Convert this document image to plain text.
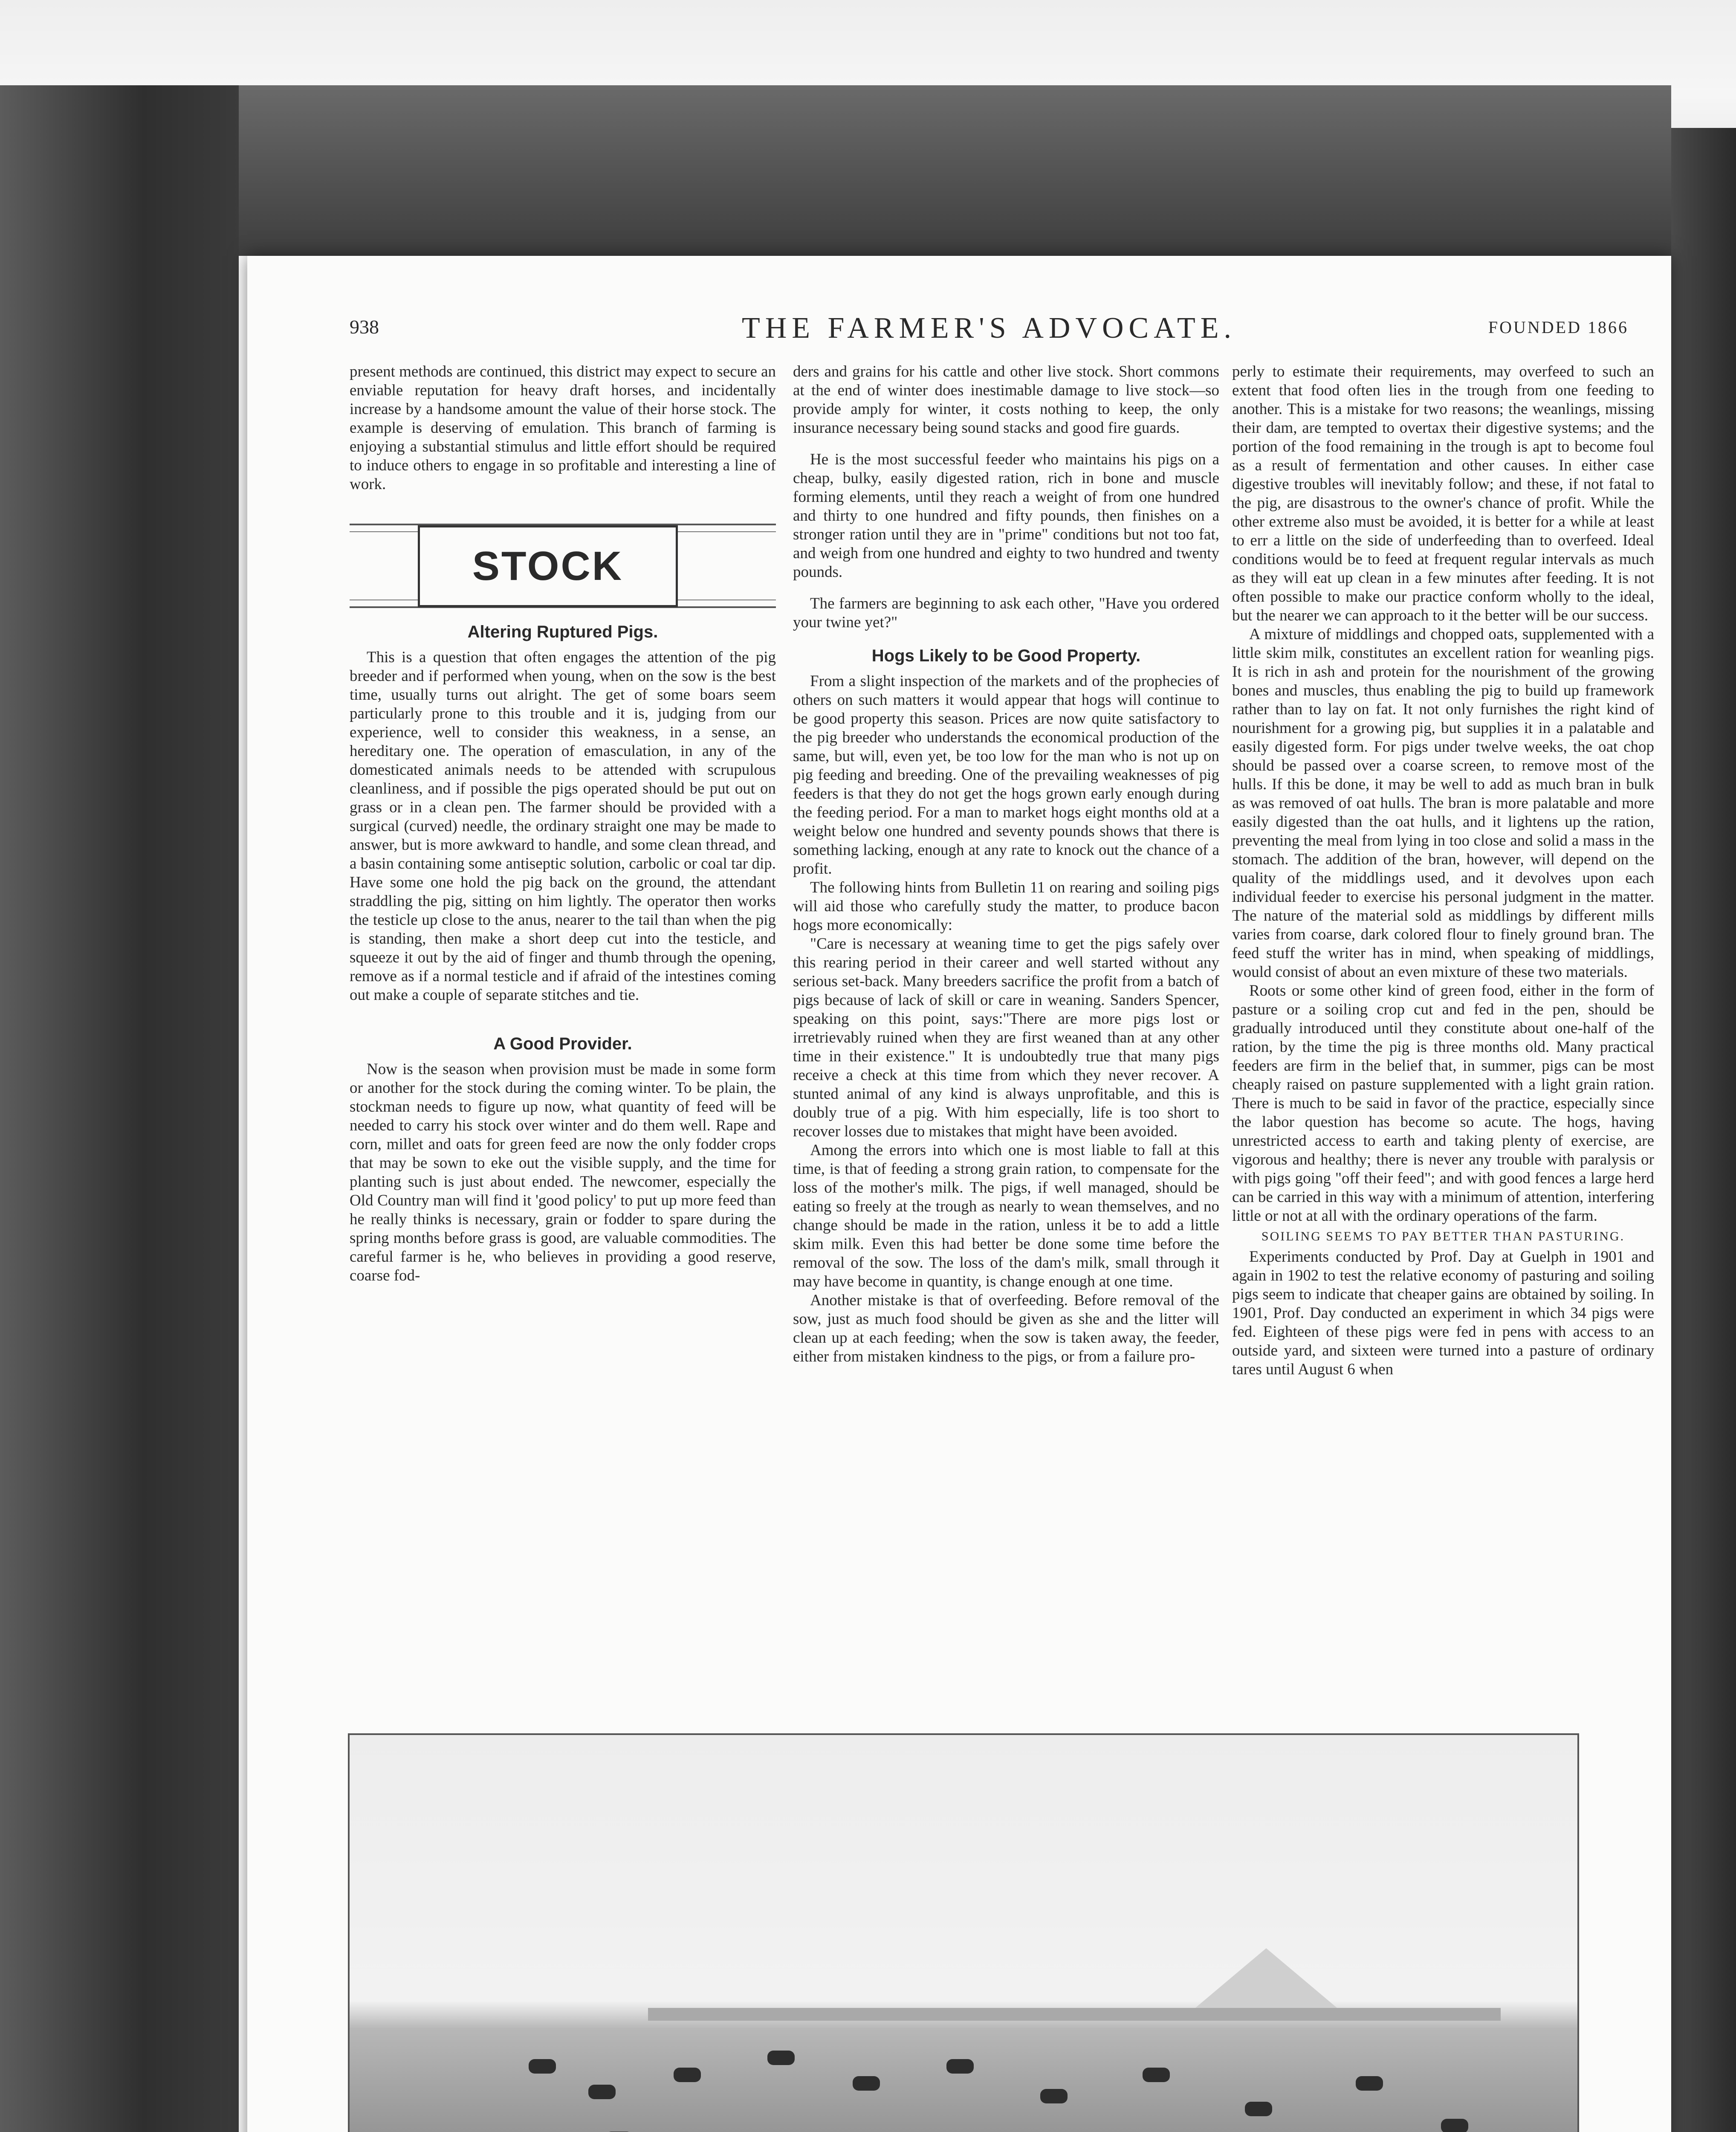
THE FARMER'S ADVOCATE.
938	FOUNDED 1866

present methods are continued, this district may expect to secure an enviable reputation for heavy draft horses, and incidentally increase by a handsome amount the value of their horse stock. The example is deserving of emulation. This branch of farming is enjoying a substantial stimulus and little effort should be required to induce others to engage in so profitable and interesting a line of work.

STOCK
Altering Ruptured Pigs.

This is a question that often engages the attention of the pig breeder and if performed when young, when on the sow is the best time, usually turns out alright. The get of some boars seem particularly prone to this trouble and it is, judging from our experience, well to consider this weakness, in a sense, an hereditary one. The operation of emasculation, in any of the domesticated animals needs to be attended with scrupulous cleanliness, and if possible the pigs operated should be put out on grass or in a clean pen. The farmer should be provided with a surgical (curved) needle, the ordinary straight one may be made to answer, but is more awkward to handle, and some clean thread, and a basin containing some antiseptic solution, carbolic or coal tar dip. Have some one hold the pig back on the ground, the attendant straddling the pig, sitting on him lightly. The operator then works the testicle up close to the anus, nearer to the tail than when the pig is standing, then make a short deep cut into the testicle, and squeeze it out by the aid of finger and thumb through the opening, remove as if a normal testicle and if afraid of the intestines coming out make a couple of separate stitches and tie.

A Good Provider.

Now is the season when provision must be made in some form or another for the stock during the coming winter. To be plain, the stockman needs to figure up now, what quantity of feed will be needed to carry his stock over winter and do them well. Rape and corn, millet and oats for green feed are now the only fodder crops that may be sown to eke out the visible supply, and the time for planting such is just about ended. The newcomer, especially the Old Country man will find it 'good policy' to put up more feed than he really thinks is necessary, grain or fodder to spare during the spring months before grass is good, are valuable commodities. The careful farmer is he, who believes in providing a good reserve, coarse fod-

ders and grains for his cattle and other live stock. Short commons at the end of winter does inestimable damage to live stock—so provide amply for winter, it costs nothing to keep, the only insurance necessary being sound stacks and good fire guards.

He is the most successful feeder who maintains his pigs on a cheap, bulky, easily digested ration, rich in bone and muscle forming elements, until they reach a weight of from one hundred and thirty to one hundred and fifty pounds, then finishes on a stronger ration until they are in "prime" conditions but not too fat, and weigh from one hundred and eighty to two hundred and twenty pounds.

The farmers are beginning to ask each other, "Have you ordered your twine yet?"

Hogs Likely to be Good Property.

From a slight inspection of the markets and of the prophecies of others on such matters it would appear that hogs will continue to be good property this season. Prices are now quite satisfactory to the pig breeder who understands the economical production of the same, but will, even yet, be too low for the man who is not up on pig feeding and breeding. One of the prevailing weaknesses of pig feeders is that they do not get the hogs grown early enough during the feeding period. For a man to market hogs eight months old at a weight below one hundred and seventy pounds shows that there is something lacking, enough at any rate to knock out the chance of a profit.

The following hints from Bulletin 11 on rearing and soiling pigs will aid those who carefully study the matter, to produce bacon hogs more economically:

"Care is necessary at weaning time to get the pigs safely over this rearing period in their career and well started without any serious set-back. Many breeders sacrifice the profit from a batch of pigs because of lack of skill or care in weaning. Sanders Spencer, speaking on this point, says:"There are more pigs lost or irretrievably ruined when they are first weaned than at any other time in their existence." It is undoubtedly true that many pigs receive a check at this time from which they never recover. A stunted animal of any kind is always unprofitable, and this is doubly true of a pig. With him especially, life is too short to recover losses due to mistakes that might have been avoided.

Among the errors into which one is most liable to fall at this time, is that of feeding a strong grain ration, to compensate for the loss of the mother's milk. The pigs, if well managed, should be eating so freely at the trough as nearly to wean themselves, and no change should be made in the ration, unless it be to add a little skim milk. Even this had better be done some time before the removal of the sow. The loss of the dam's milk, small through it may have become in quantity, is change enough at one time.

Another mistake is that of overfeeding. Before removal of the sow, just as much food should be given as she and the litter will clean up at each feeding; when the sow is taken away, the feeder, either from mistaken kindness to the pigs, or from a failure pro-

perly to estimate their requirements, may overfeed to such an extent that food often lies in the trough from one feeding to another. This is a mistake for two reasons; the weanlings, missing their dam, are tempted to overtax their digestive systems; and the portion of the food remaining in the trough is apt to become foul as a result of fermentation and other causes. In either case digestive troubles will inevitably follow; and these, if not fatal to the pig, are disastrous to the owner's chance of profit. While the other extreme also must be avoided, it is better for a while at least to err a little on the side of underfeeding than to overfeed. Ideal conditions would be to feed at frequent regular intervals as much as they will eat up clean in a few minutes after feeding. It is not often possible to make our practice conform wholly to the ideal, but the nearer we can approach to it the better will be our success.

A mixture of middlings and chopped oats, supplemented with a little skim milk, constitutes an excellent ration for weanling pigs. It is rich in ash and protein for the nourishment of the growing bones and muscles, thus enabling the pig to build up framework rather than to lay on fat. It not only furnishes the right kind of nourishment for a growing pig, but supplies it in a palatable and easily digested form. For pigs under twelve weeks, the oat chop should be passed over a coarse screen, to remove most of the hulls. If this be done, it may be well to add as much bran in bulk as was removed of oat hulls. The bran is more palatable and more easily digested than the oat hulls, and it lightens up the ration, preventing the meal from lying in too close and solid a mass in the stomach. The addition of the bran, however, will depend on the quality of the middlings used, and it devolves upon each individual feeder to exercise his personal judgment in the matter. The nature of the material sold as middlings by different mills varies from coarse, dark colored flour to finely ground bran. The feed stuff the writer has in mind, when speaking of middlings, would consist of about an even mixture of these two materials.

Roots or some other kind of green food, either in the form of pasture or a soiling crop cut and fed in the pen, should be gradually introduced until they constitute about one-half of the ration, by the time the pig is three months old. Many practical feeders are firm in the belief that, in summer, pigs can be most cheaply raised on pasture supplemented with a light grain ration. There is much to be said in favor of the practice, especially since the labor question has become so acute. The hogs, having unrestricted access to earth and taking plenty of exercise, are vigorous and healthy; there is never any trouble with paralysis or with pigs going "off their feed"; and with good fences a large herd can be carried in this way with a minimum of attention, interfering little or not at all with the ordinary operations of the farm.

SOILING SEEMS TO PAY BETTER THAN PASTURING.

Experiments conducted by Prof. Day at Guelph in 1901 and again in 1902 to test the relative economy of pasturing and soiling pigs seem to indicate that cheaper gains are obtained by soiling. In 1901, Prof. Day conducted an experiment in which 34 pigs were fed. Eighteen of these pigs were fed in pens with access to an outside yard, and sixteen were turned into a pasture of ordinary tares until August 6 when
